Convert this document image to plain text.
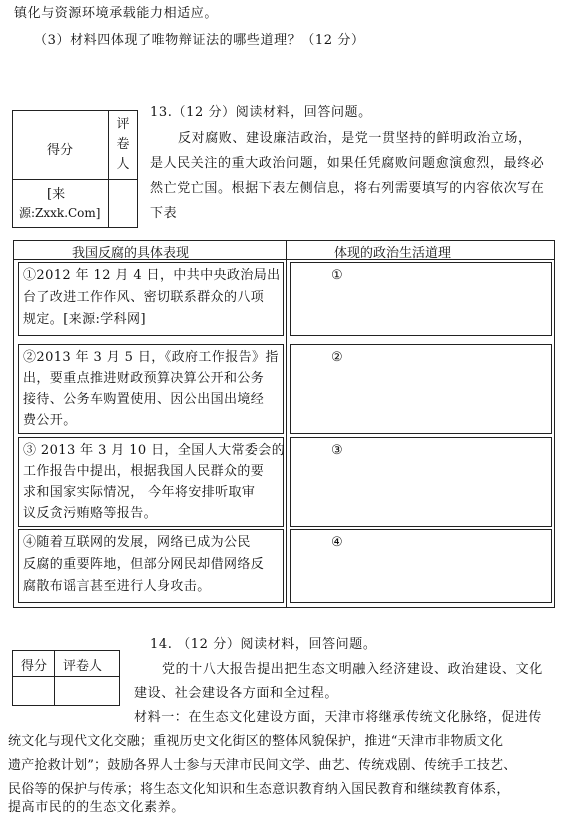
镇化与资源环境承载能力相适应。
（3）材料四体现了唯物辩证法的哪些道理？（12 分）
得分
评
卷
人
[来
源:Zxxk.Com]
13.（12 分）阅读材料，回答问题。
反对腐败、建设廉洁政治，是党一贯坚持的鲜明政治立场，
是人民关注的重大政治问题，如果任凭腐败问题愈演愈烈，最终必
然亡党亡国。根据下表左侧信息，将右列需要填写的内容依次写在
下表
我国反腐的具体表现	体现的政治生活道理
①2012 年 12 月 4 日，中共中央政治局出
台了改进工作作风、密切联系群众的八项
规定。[来源:学科网]
①
②2013 年 3 月 5 日，《政府工作报告》指
出，要重点推进财政预算决算公开和公务
接待、公务车购置使用、因公出国出境经
费公开。
②
③ 2013 年 3 月 10 日，全国人大常委会的
工作报告中提出，根据我国人民群众的要
求和国家实际情况， 今年将安排听取审
议反贪污贿赂等报告。
③
④随着互联网的发展，网络已成为公民
反腐的重要阵地，但部分网民却借网络反
腐散布谣言甚至进行人身攻击。
④
14. （12 分）阅读材料，回答问题。
得分 评卷人	党的十八大报告提出把生态文明融入经济建设、政治建设、文化
建设、社会建设各方面和全过程。
材料一：在生态文化建设方面，天津市将继承传统文化脉络，促进传
统文化与现代文化交融；重视历史文化街区的整体风貌保护，推进“天津市非物质文化
遗产抢救计划”；鼓励各界人士参与天津市民间文学、曲艺、传统戏剧、传统手工技艺、
民俗等的保护与传承；将生态文化知识和生态意识教育纳入国民教育和继续教育体系，
提高市民的的生态文化素养。
